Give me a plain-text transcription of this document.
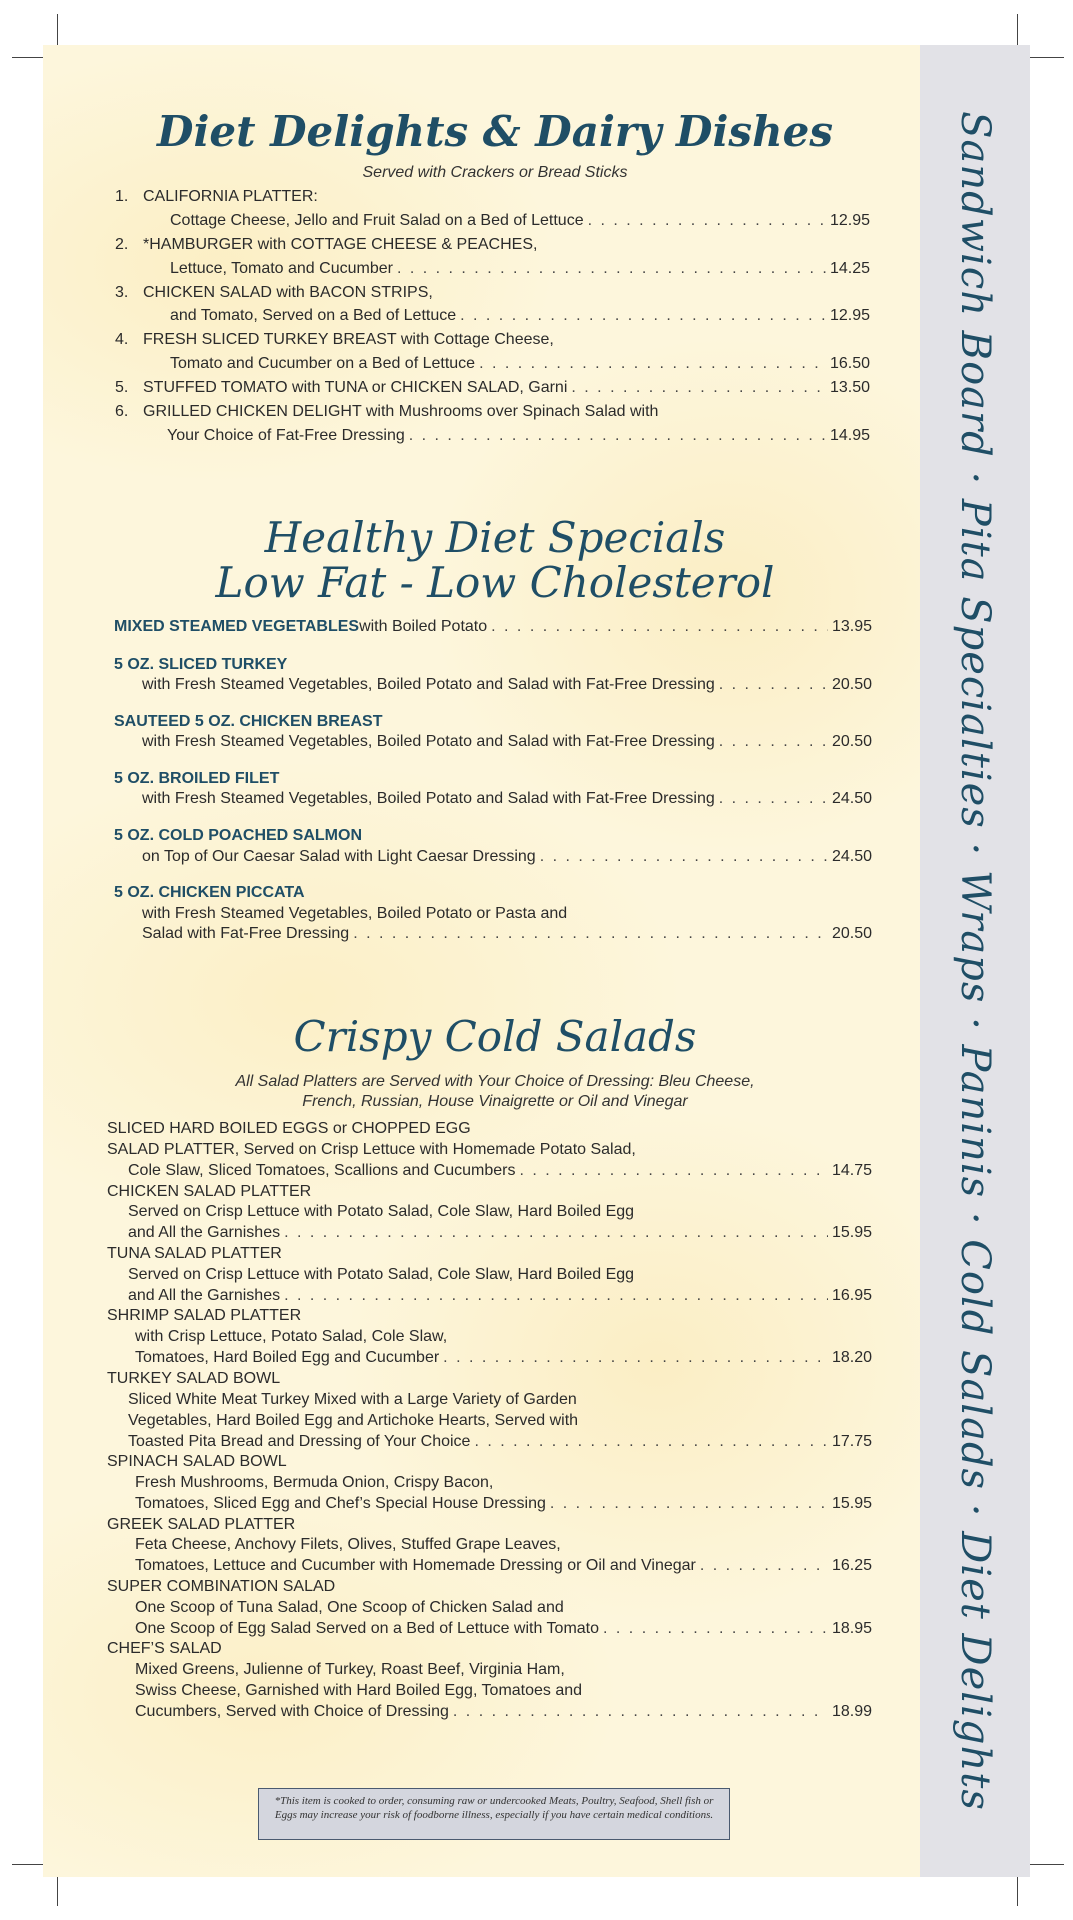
Sandwich Board · Pita Specialties · Wraps · Paninis · Cold Salads · Diet Delights
Diet Delights & Dairy Dishes
Served with Crackers or Bread Sticks
1. CALIFORNIA PLATTER:
Cottage Cheese, Jello and Fruit Salad on a Bed of Lettuce . . .	12.95
2. *HAMBURGER with COTTAGE CHEESE & PEACHES,
Lettuce, Tomato and Cucumber . . .	14.25
3. CHICKEN SALAD with BACON STRIPS,
and Tomato, Served on a Bed of Lettuce . . .	12.95
4. FRESH SLICED TURKEY BREAST with Cottage Cheese,
Tomato and Cucumber on a Bed of Lettuce . . .	16.50
5. STUFFED TOMATO with TUNA or CHICKEN SALAD, Garni . . .	13.50
6. GRILLED CHICKEN DELIGHT with Mushrooms over Spinach Salad with
Your Choice of Fat-Free Dressing . . .	14.95
Healthy Diet Specials
Low Fat - Low Cholesterol
MIXED STEAMED VEGETABLES with Boiled Potato . . .	13.95
5 OZ. SLICED TURKEY
with Fresh Steamed Vegetables, Boiled Potato and Salad with Fat-Free Dressing . . .	20.50
SAUTEED 5 OZ. CHICKEN BREAST
with Fresh Steamed Vegetables, Boiled Potato and Salad with Fat-Free Dressing . . .	20.50
5 OZ. BROILED FILET
with Fresh Steamed Vegetables, Boiled Potato and Salad with Fat-Free Dressing . . .	24.50
5 OZ. COLD POACHED SALMON
on Top of Our Caesar Salad with Light Caesar Dressing . . .	24.50
5 OZ. CHICKEN PICCATA
with Fresh Steamed Vegetables, Boiled Potato or Pasta and
Salad with Fat-Free Dressing . . .	20.50
Crispy Cold Salads
All Salad Platters are Served with Your Choice of Dressing: Bleu Cheese,
French, Russian, House Vinaigrette or Oil and Vinegar
SLICED HARD BOILED EGGS or CHOPPED EGG
SALAD PLATTER, Served on Crisp Lettuce with Homemade Potato Salad,
Cole Slaw, Sliced Tomatoes, Scallions and Cucumbers . . .	14.75
CHICKEN SALAD PLATTER
Served on Crisp Lettuce with Potato Salad, Cole Slaw, Hard Boiled Egg
and All the Garnishes . . .	15.95
TUNA SALAD PLATTER
Served on Crisp Lettuce with Potato Salad, Cole Slaw, Hard Boiled Egg
and All the Garnishes . . .	16.95
SHRIMP SALAD PLATTER
with Crisp Lettuce, Potato Salad, Cole Slaw,
Tomatoes, Hard Boiled Egg and Cucumber . . .	18.20
TURKEY SALAD BOWL
Sliced White Meat Turkey Mixed with a Large Variety of Garden
Vegetables, Hard Boiled Egg and Artichoke Hearts, Served with
Toasted Pita Bread and Dressing of Your Choice . . .	17.75
SPINACH SALAD BOWL
Fresh Mushrooms, Bermuda Onion, Crispy Bacon,
Tomatoes, Sliced Egg and Chef’s Special House Dressing . . .	15.95
GREEK SALAD PLATTER
Feta Cheese, Anchovy Filets, Olives, Stuffed Grape Leaves,
Tomatoes, Lettuce and Cucumber with Homemade Dressing or Oil and Vinegar . . .	16.25
SUPER COMBINATION SALAD
One Scoop of Tuna Salad, One Scoop of Chicken Salad and
One Scoop of Egg Salad Served on a Bed of Lettuce with Tomato . . .	18.95
CHEF’S SALAD
Mixed Greens, Julienne of Turkey, Roast Beef, Virginia Ham,
Swiss Cheese, Garnished with Hard Boiled Egg, Tomatoes and
Cucumbers, Served with Choice of Dressing . . .	18.99
*This item is cooked to order, consuming raw or undercooked Meats, Poultry, Seafood, Shell fish or Eggs may increase your risk of foodborne illness, especially if you have certain medical conditions.
